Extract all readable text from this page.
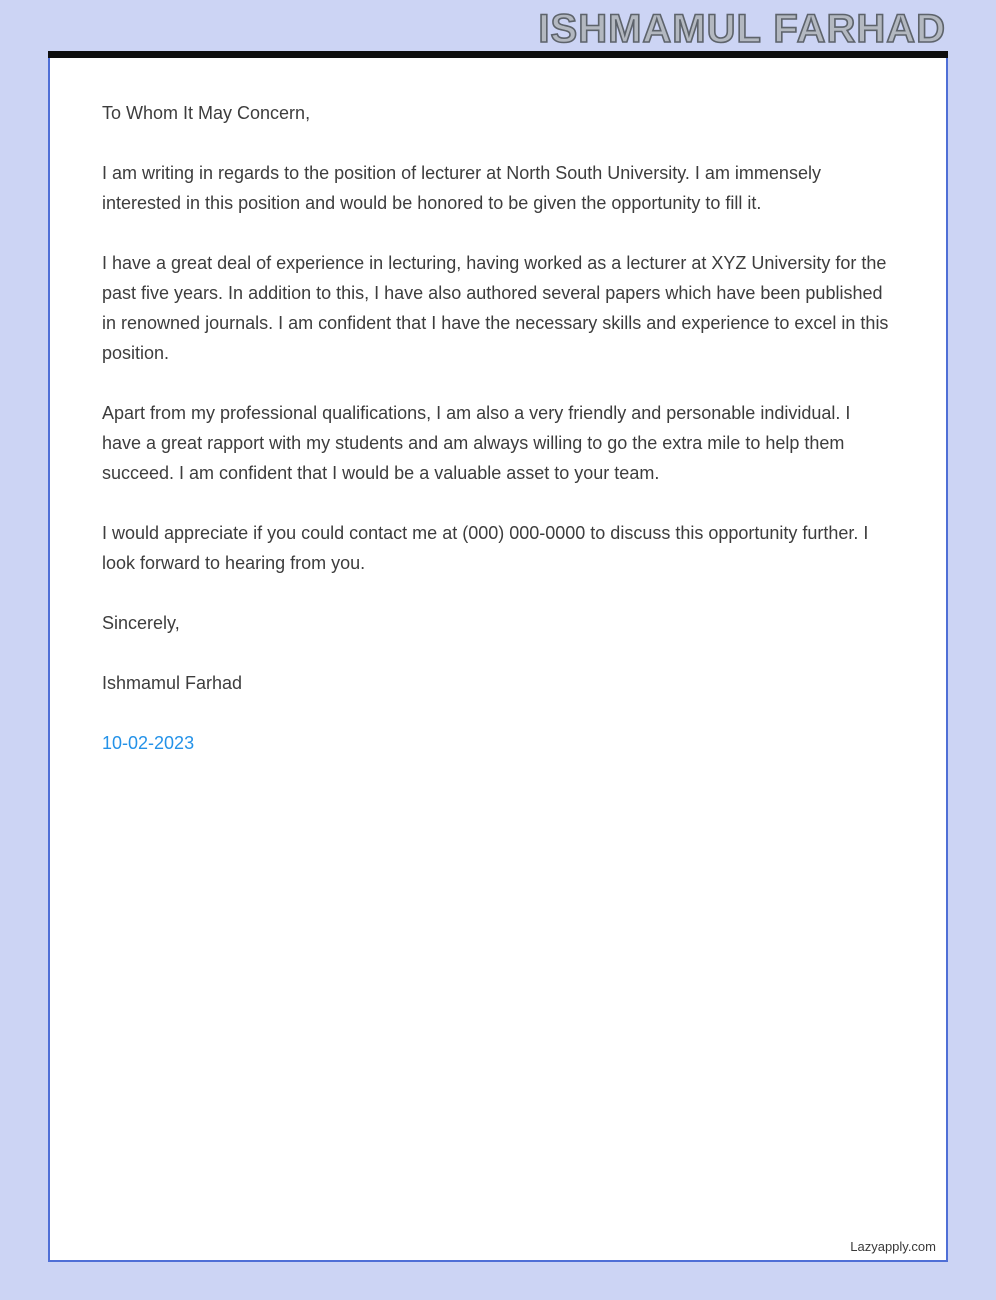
ISHMAMUL FARHAD

To Whom It May Concern,

I am writing in regards to the position of lecturer at North South University. I am immensely interested in this position and would be honored to be given the opportunity to fill it.

I have a great deal of experience in lecturing, having worked as a lecturer at XYZ University for the past five years. In addition to this, I have also authored several papers which have been published in renowned journals. I am confident that I have the necessary skills and experience to excel in this position.

Apart from my professional qualifications, I am also a very friendly and personable individual. I have a great rapport with my students and am always willing to go the extra mile to help them succeed. I am confident that I would be a valuable asset to your team.

I would appreciate if you could contact me at (000) 000-0000 to discuss this opportunity further. I look forward to hearing from you.

Sincerely,

Ishmamul Farhad

10-02-2023
Lazyapply.com
